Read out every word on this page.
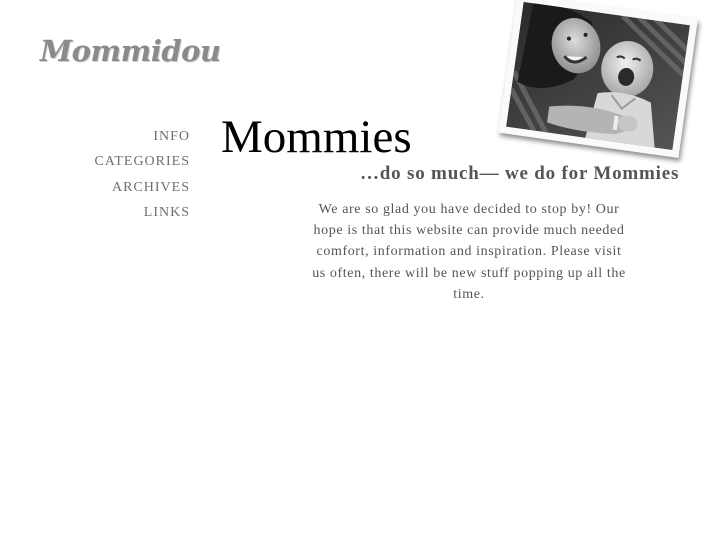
Mommidou
INFO
CATEGORIES
ARCHIVES
LINKS
Mommies
…do so much— we do for Mommies

We are so glad you have decided to stop by! Our hope is that this website can provide much needed comfort, information and inspiration. Please visit us often, there will be new stuff popping up all the time.
